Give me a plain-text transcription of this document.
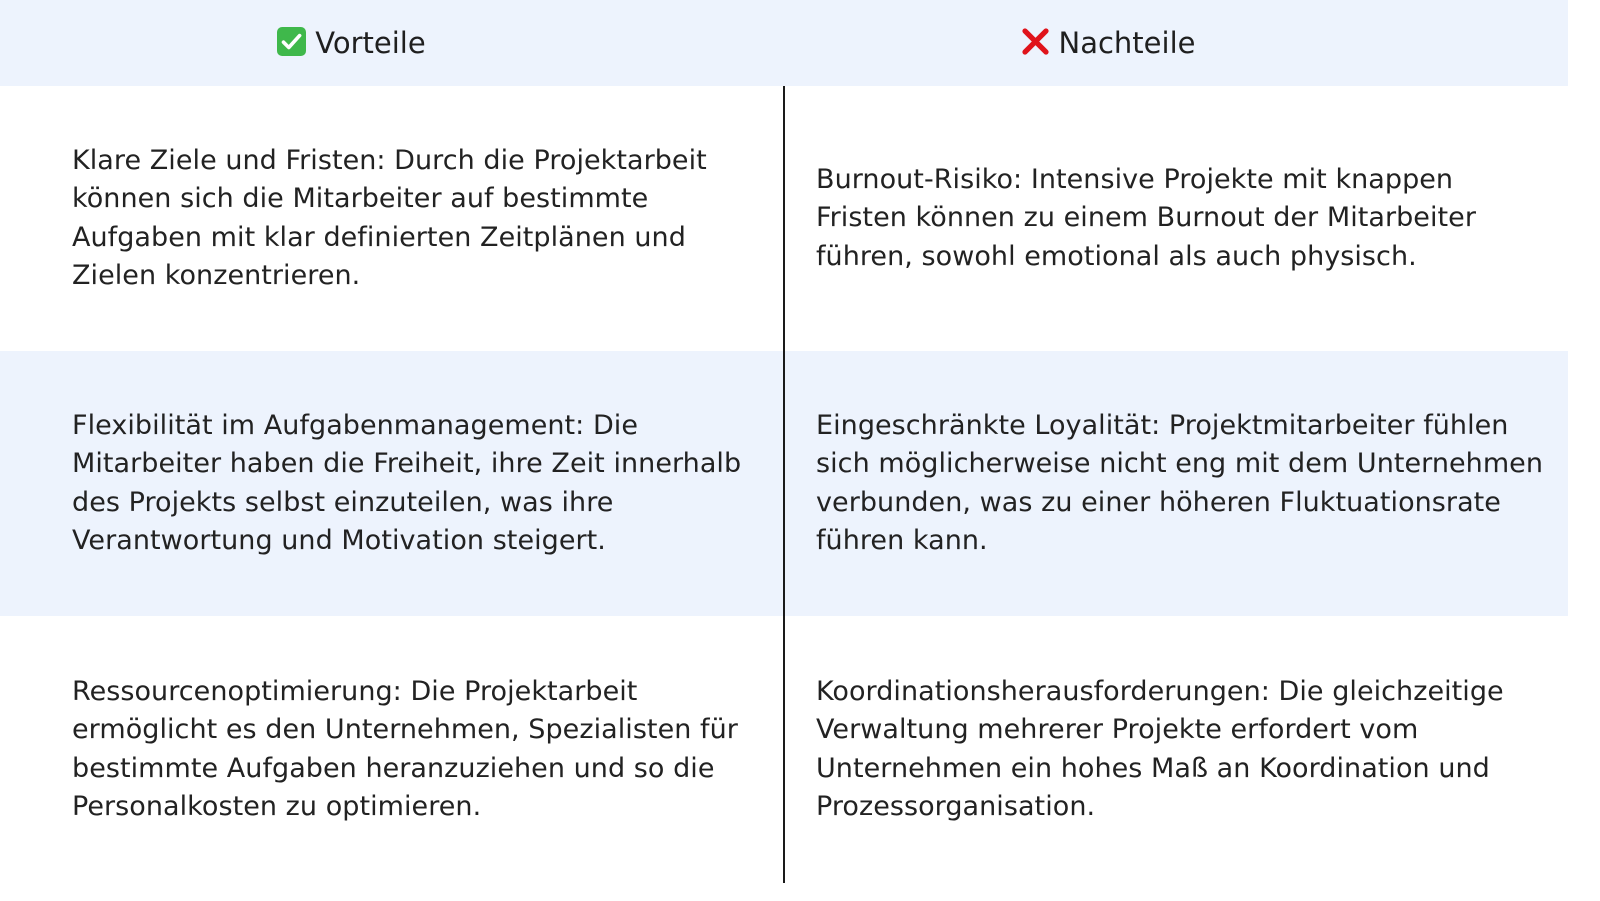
Vorteile	Nachteile

Klare Ziele und Fristen: Durch die Projektarbeit können sich die Mitarbeiter auf bestimmte Aufgaben mit klar definierten Zeitplänen und Zielen konzentrieren.

Burnout-Risiko: Intensive Projekte mit knappen Fristen können zu einem Burnout der Mitarbeiter führen, sowohl emotional als auch physisch.

Flexibilität im Aufgabenmanagement: Die Mitarbeiter haben die Freiheit, ihre Zeit innerhalb des Projekts selbst einzuteilen, was ihre Verantwortung und Motivation steigert.

Eingeschränkte Loyalität: Projektmitarbeiter fühlen sich möglicherweise nicht eng mit dem Unternehmen verbunden, was zu einer höheren Fluktuationsrate führen kann.

Ressourcenoptimierung: Die Projektarbeit ermöglicht es den Unternehmen, Spezialisten für bestimmte Aufgaben heranzuziehen und so die Personalkosten zu optimieren.

Koordinationsherausforderungen: Die gleichzeitige Verwaltung mehrerer Projekte erfordert vom Unternehmen ein hohes Maß an Koordination und Prozessorganisation.
